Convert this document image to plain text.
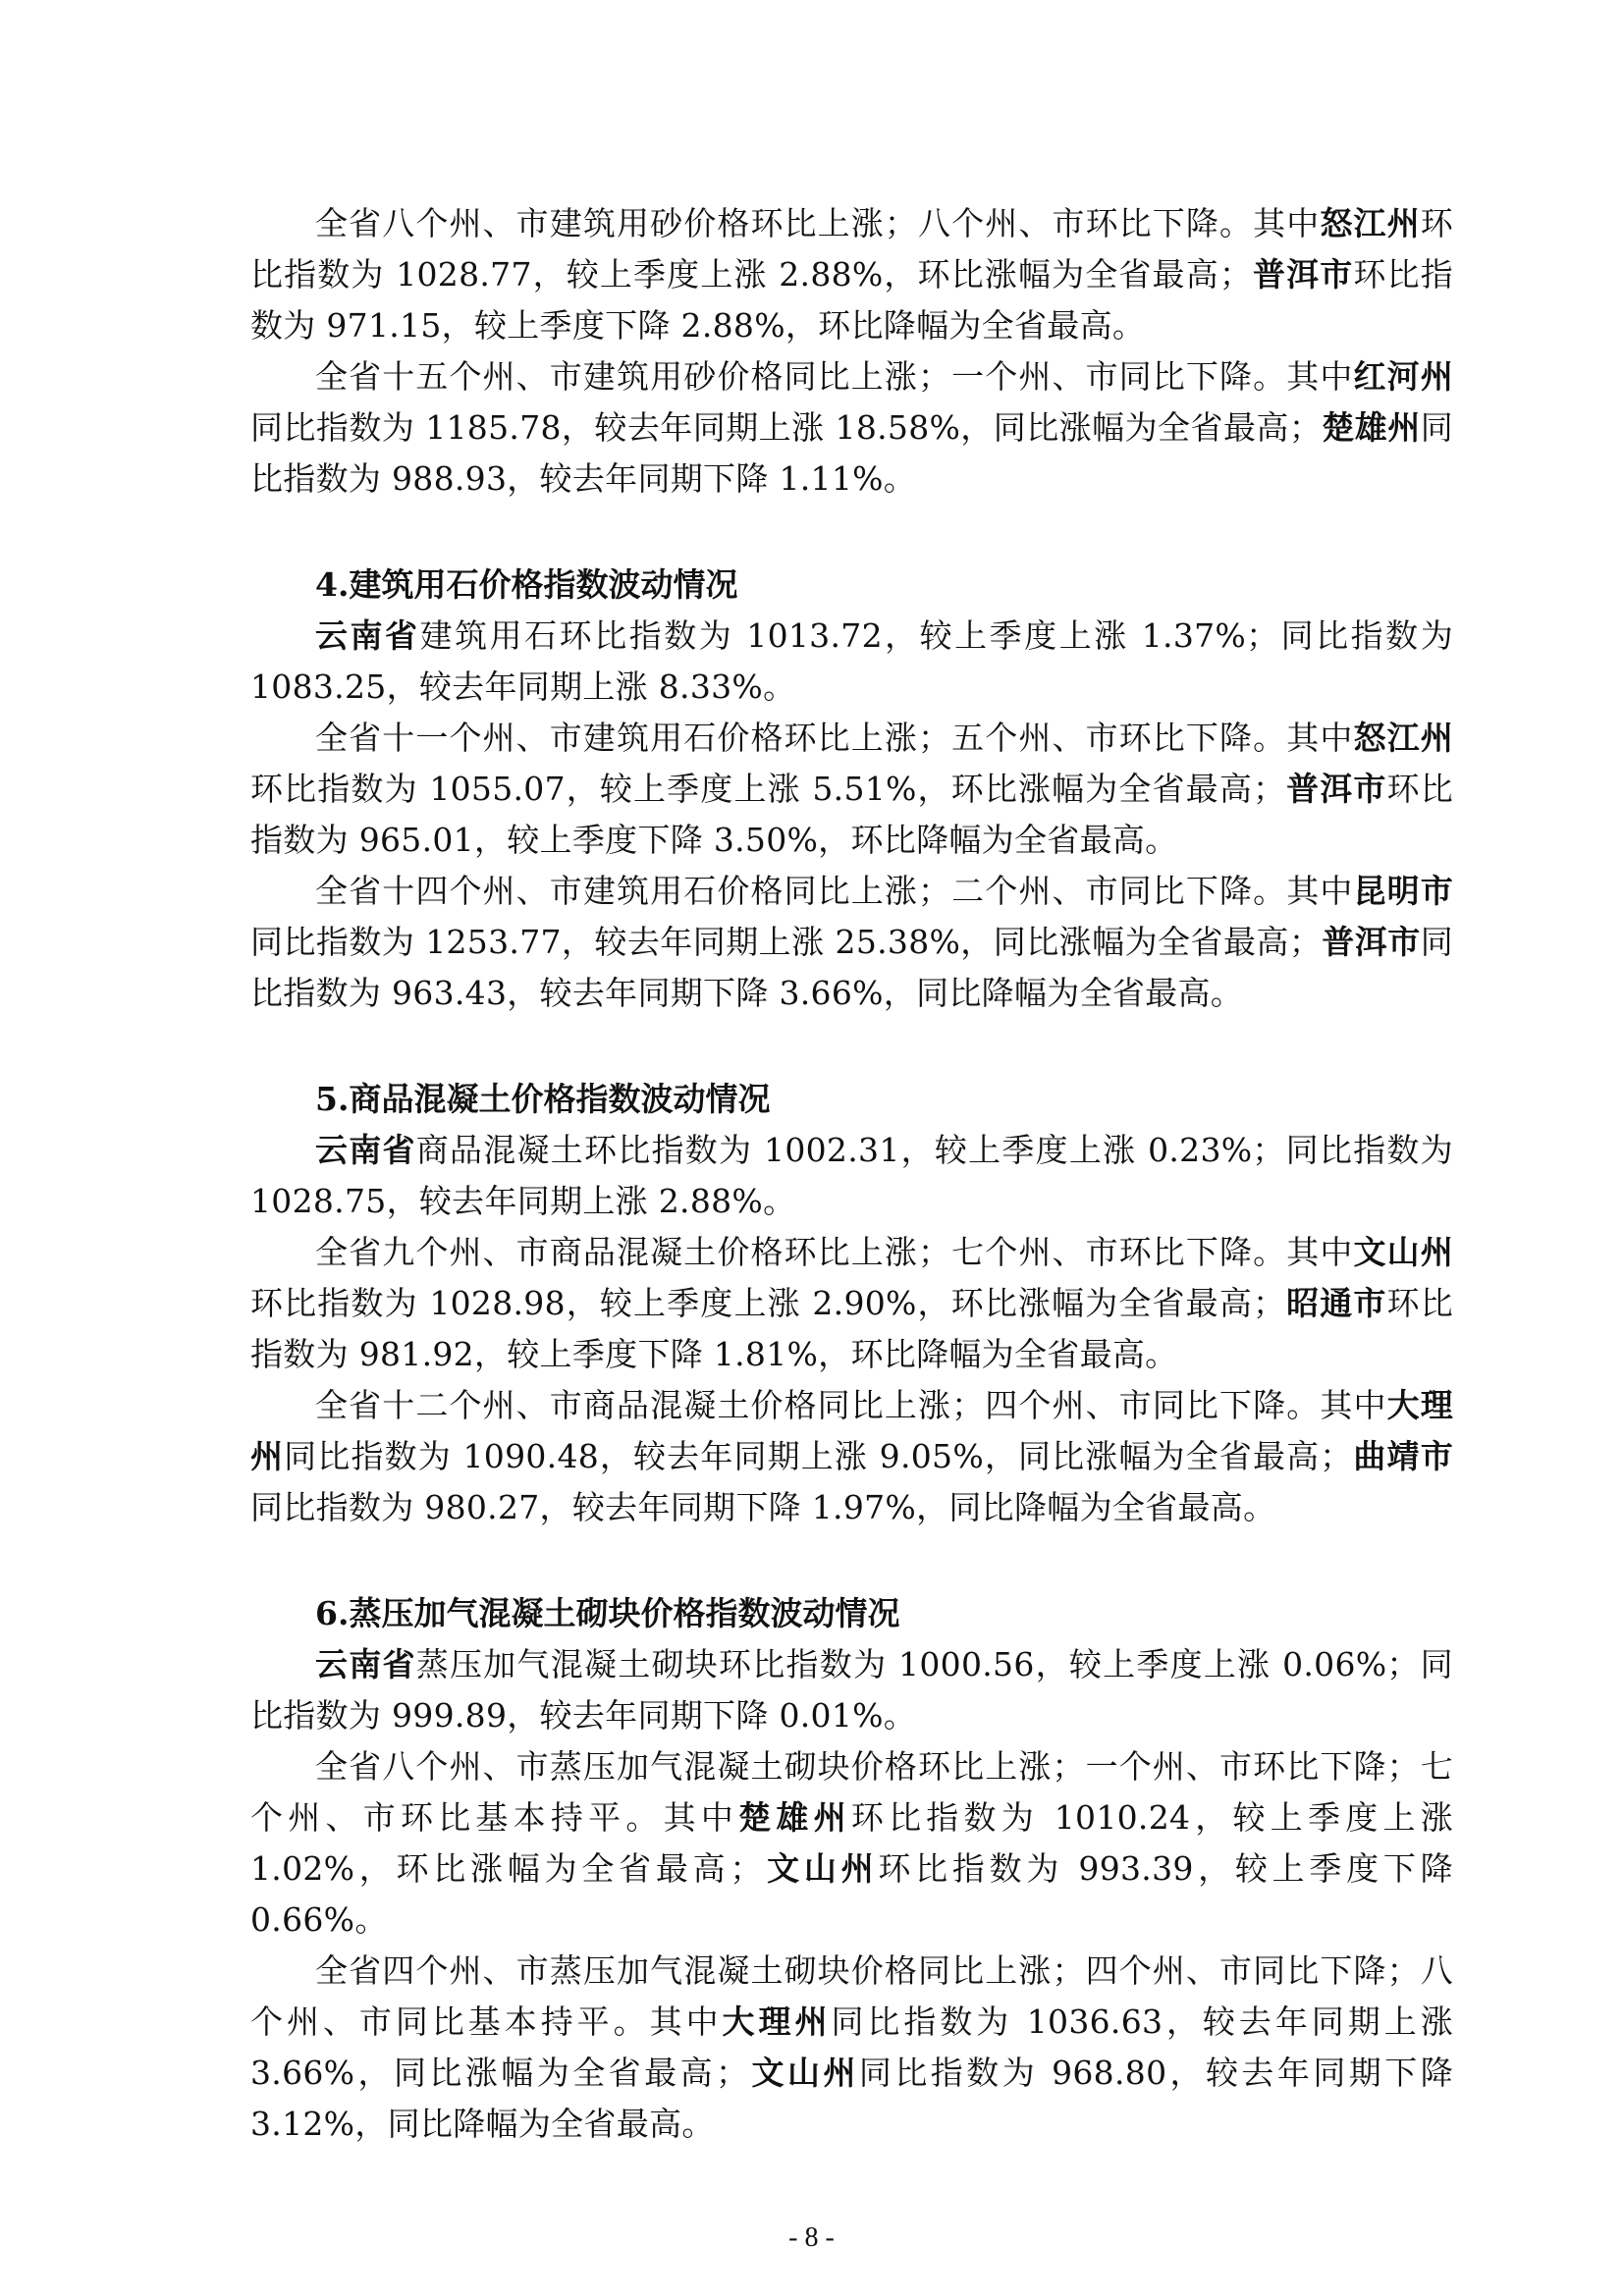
全省八个州、市建筑用砂价格环比上涨；八个州、市环比下降。其中怒江州环比指数为 1028.77，较上季度上涨 2.88%，环比涨幅为全省最高；普洱市环比指数为 971.15，较上季度下降 2.88%，环比降幅为全省最高。

全省十五个州、市建筑用砂价格同比上涨；一个州、市同比下降。其中红河州同比指数为 1185.78，较去年同期上涨 18.58%，同比涨幅为全省最高；楚雄州同比指数为 988.93，较去年同期下降 1.11%。

4.建筑用石价格指数波动情况

云南省建筑用石环比指数为 1013.72，较上季度上涨 1.37%；同比指数为 1083.25，较去年同期上涨 8.33%。

全省十一个州、市建筑用石价格环比上涨；五个州、市环比下降。其中怒江州环比指数为 1055.07，较上季度上涨 5.51%，环比涨幅为全省最高；普洱市环比指数为 965.01，较上季度下降 3.50%，环比降幅为全省最高。

全省十四个州、市建筑用石价格同比上涨；二个州、市同比下降。其中昆明市同比指数为 1253.77，较去年同期上涨 25.38%，同比涨幅为全省最高；普洱市同比指数为 963.43，较去年同期下降 3.66%，同比降幅为全省最高。

5.商品混凝土价格指数波动情况

云南省商品混凝土环比指数为 1002.31，较上季度上涨 0.23%；同比指数为 1028.75，较去年同期上涨 2.88%。

全省九个州、市商品混凝土价格环比上涨；七个州、市环比下降。其中文山州环比指数为 1028.98，较上季度上涨 2.90%，环比涨幅为全省最高；昭通市环比指数为 981.92，较上季度下降 1.81%，环比降幅为全省最高。

全省十二个州、市商品混凝土价格同比上涨；四个州、市同比下降。其中大理州同比指数为 1090.48，较去年同期上涨 9.05%，同比涨幅为全省最高；曲靖市同比指数为 980.27，较去年同期下降 1.97%，同比降幅为全省最高。

6.蒸压加气混凝土砌块价格指数波动情况

云南省蒸压加气混凝土砌块环比指数为 1000.56，较上季度上涨 0.06%；同比指数为 999.89，较去年同期下降 0.01%。

全省八个州、市蒸压加气混凝土砌块价格环比上涨；一个州、市环比下降；七个州、市环比基本持平。其中楚雄州环比指数为 1010.24，较上季度上涨 1.02%，环比涨幅为全省最高；文山州环比指数为 993.39，较上季度下降 0.66%。

全省四个州、市蒸压加气混凝土砌块价格同比上涨；四个州、市同比下降；八个州、市同比基本持平。其中大理州同比指数为 1036.63，较去年同期上涨 3.66%，同比涨幅为全省最高；文山州同比指数为 968.80，较去年同期下降 3.12%，同比降幅为全省最高。

- 8 -
